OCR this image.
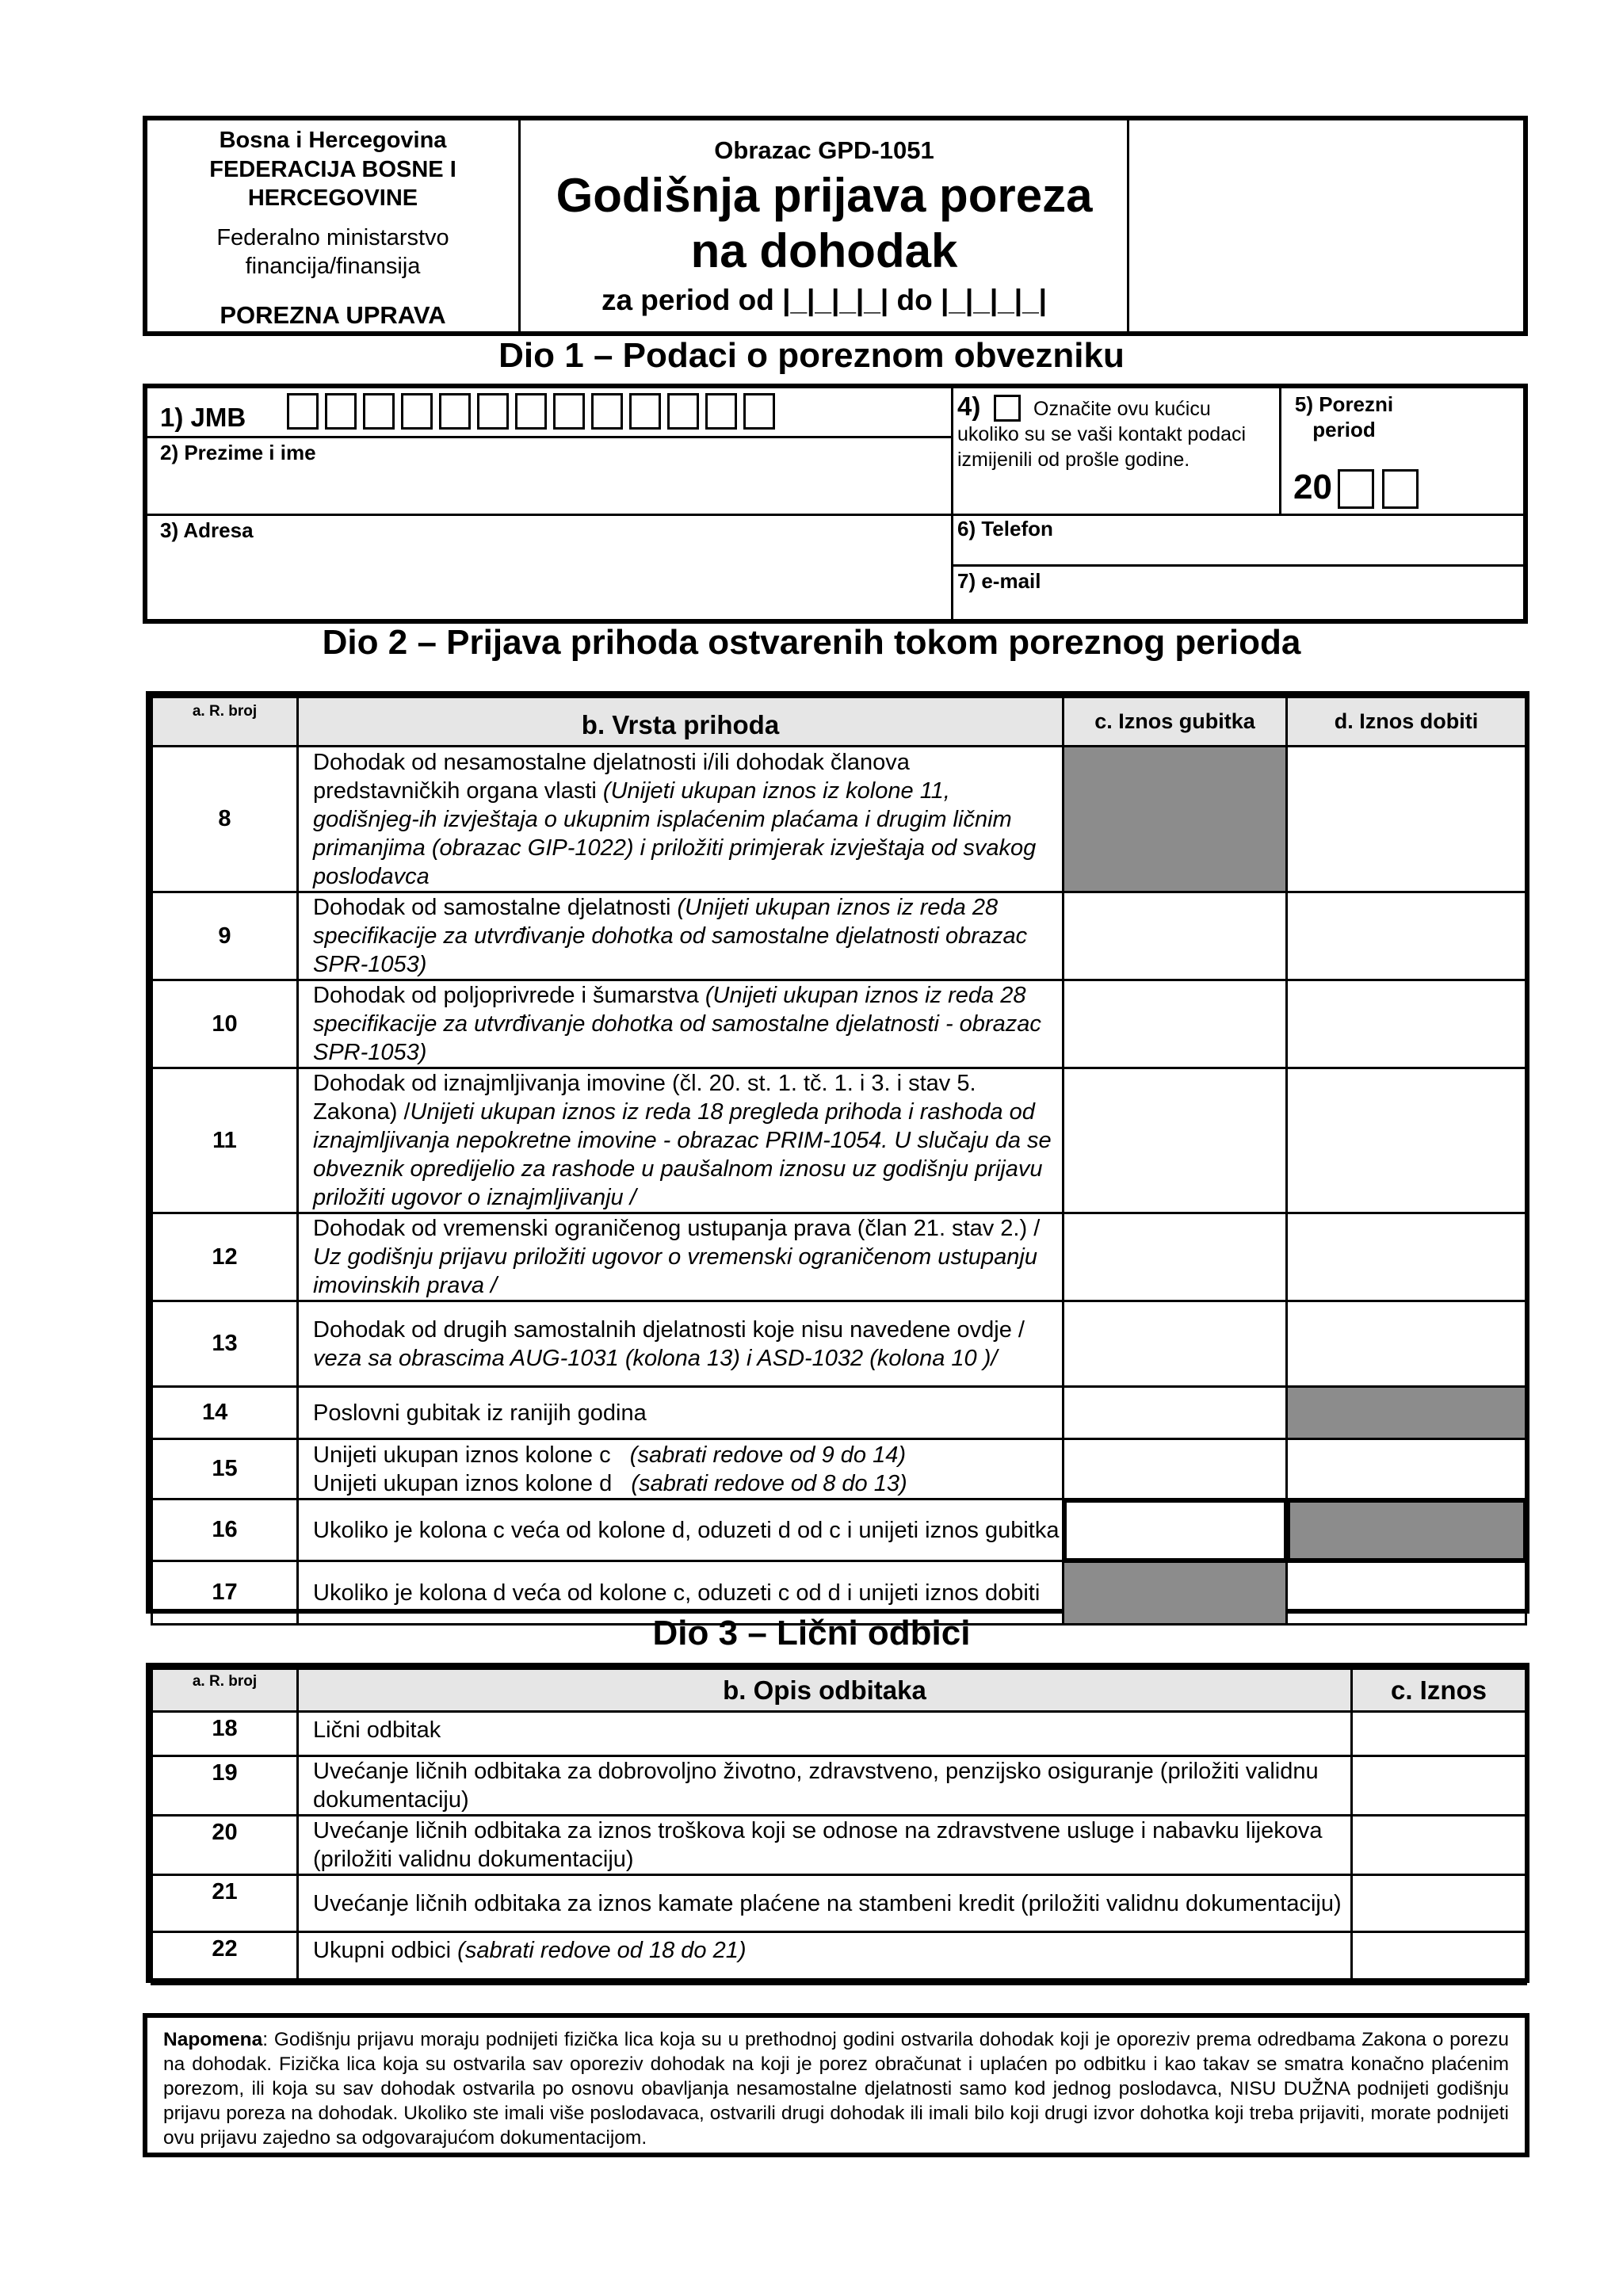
Bosna i Hercegovina
FEDERACIJA BOSNE I HERCEGOVINE
Federalno ministarstvo financija/finansija
POREZNA UPRAVA
Obrazac GPD-1051
Godišnja prijava poreza
na dohodak
za period od |_|_|_|_| do |_|_|_|_|
Dio 1 – Podaci o poreznom obvezniku
1) JMB
2) Prezime i ime
3) Adresa
4)	Označite ovu kućicu ukoliko su se vaši kontakt podaci izmijenili od prošle godine.
5) Porezni period
20
6) Telefon
7) e-mail
Dio 2 – Prijava prihoda ostvarenih tokom poreznog perioda
a. R. broj	b. Vrsta prihoda	c. Iznos gubitka	d. Iznos dobiti
8	Dohodak od nesamostalne djelatnosti i/ili dohodak članova predstavničkih organa vlasti (Unijeti ukupan iznos iz kolone 11, godišnjeg-ih izvještaja o ukupnim isplaćenim plaćama i drugim ličnim primanjima (obrazac GIP-1022) i priložiti primjerak izvještaja od svakog poslodavca		
9	Dohodak od samostalne djelatnosti (Unijeti ukupan iznos iz reda 28 specifikacije za utvrđivanje dohotka od samostalne djelatnosti obrazac SPR-1053)		
10	Dohodak od poljoprivrede i šumarstva (Unijeti ukupan iznos iz reda 28 specifikacije za utvrđivanje dohotka od samostalne djelatnosti - obrazac SPR-1053)		
11	Dohodak od iznajmljivanja imovine (čl. 20. st. 1. tč. 1. i 3. i stav 5. Zakona) /Unijeti ukupan iznos iz reda 18 pregleda prihoda i rashoda od iznajmljivanja nepokretne imovine - obrazac PRIM-1054. U slučaju da se obveznik opredijelio za rashode u paušalnom iznosu uz godišnju prijavu priložiti ugovor o iznajmljivanju /		
12	Dohodak od vremenski ograničenog ustupanja prava (član 21. stav 2.) / Uz godišnju prijavu priložiti ugovor o vremenski ograničenom ustupanju imovinskih prava /		
13	Dohodak od drugih samostalnih djelatnosti koje nisu navedene ovdje / veza sa obrascima AUG-1031 (kolona 13) i ASD-1032 (kolona 10 )/		
14	Poslovni gubitak iz ranijih godina		
15	Unijeti ukupan iznos kolone c (sabrati redove od 9 do 14)
Unijeti ukupan iznos kolone d (sabrati redove od 8 do 13)		

16	Ukoliko je kolona c veća od kolone d, oduzeti d od c i unijeti iznos gubitka		
17	Ukoliko je kolona d veća od kolone c, oduzeti c od d i unijeti iznos dobiti		
Dio 3 – Lični odbici
a. R. broj	b. Opis odbitaka	c. Iznos
18	Lični odbitak	
19	Uvećanje ličnih odbitaka za dobrovoljno životno, zdravstveno, penzijsko osiguranje (priložiti validnu dokumentaciju)	
20	Uvećanje ličnih odbitaka za iznos troškova koji se odnose na zdravstvene usluge i nabavku lijekova (priložiti validnu dokumentaciju)	
21	Uvećanje ličnih odbitaka za iznos kamate plaćene na stambeni kredit (priložiti validnu dokumentaciju)	
22	Ukupni odbici (sabrati redove od 18 do 21)	
Napomena: Godišnju prijavu moraju podnijeti fizička lica koja su u prethodnoj godini ostvarila dohodak koji je oporeziv prema odredbama Zakona o porezu na dohodak. Fizička lica koja su ostvarila sav oporeziv dohodak na koji je porez obračunat i uplaćen po odbitku i kao takav se smatra konačno plaćenim porezom, ili koja su sav dohodak ostvarila po osnovu obavljanja nesamostalne djelatnosti samo kod jednog poslodavca, NISU DUŽNA podnijeti godišnju prijavu poreza na dohodak. Ukoliko ste imali više poslodavaca, ostvarili drugi dohodak ili imali bilo koji drugi izvor dohotka koji treba prijaviti, morate podnijeti ovu prijavu zajedno sa odgovarajućom dokumentacijom.
